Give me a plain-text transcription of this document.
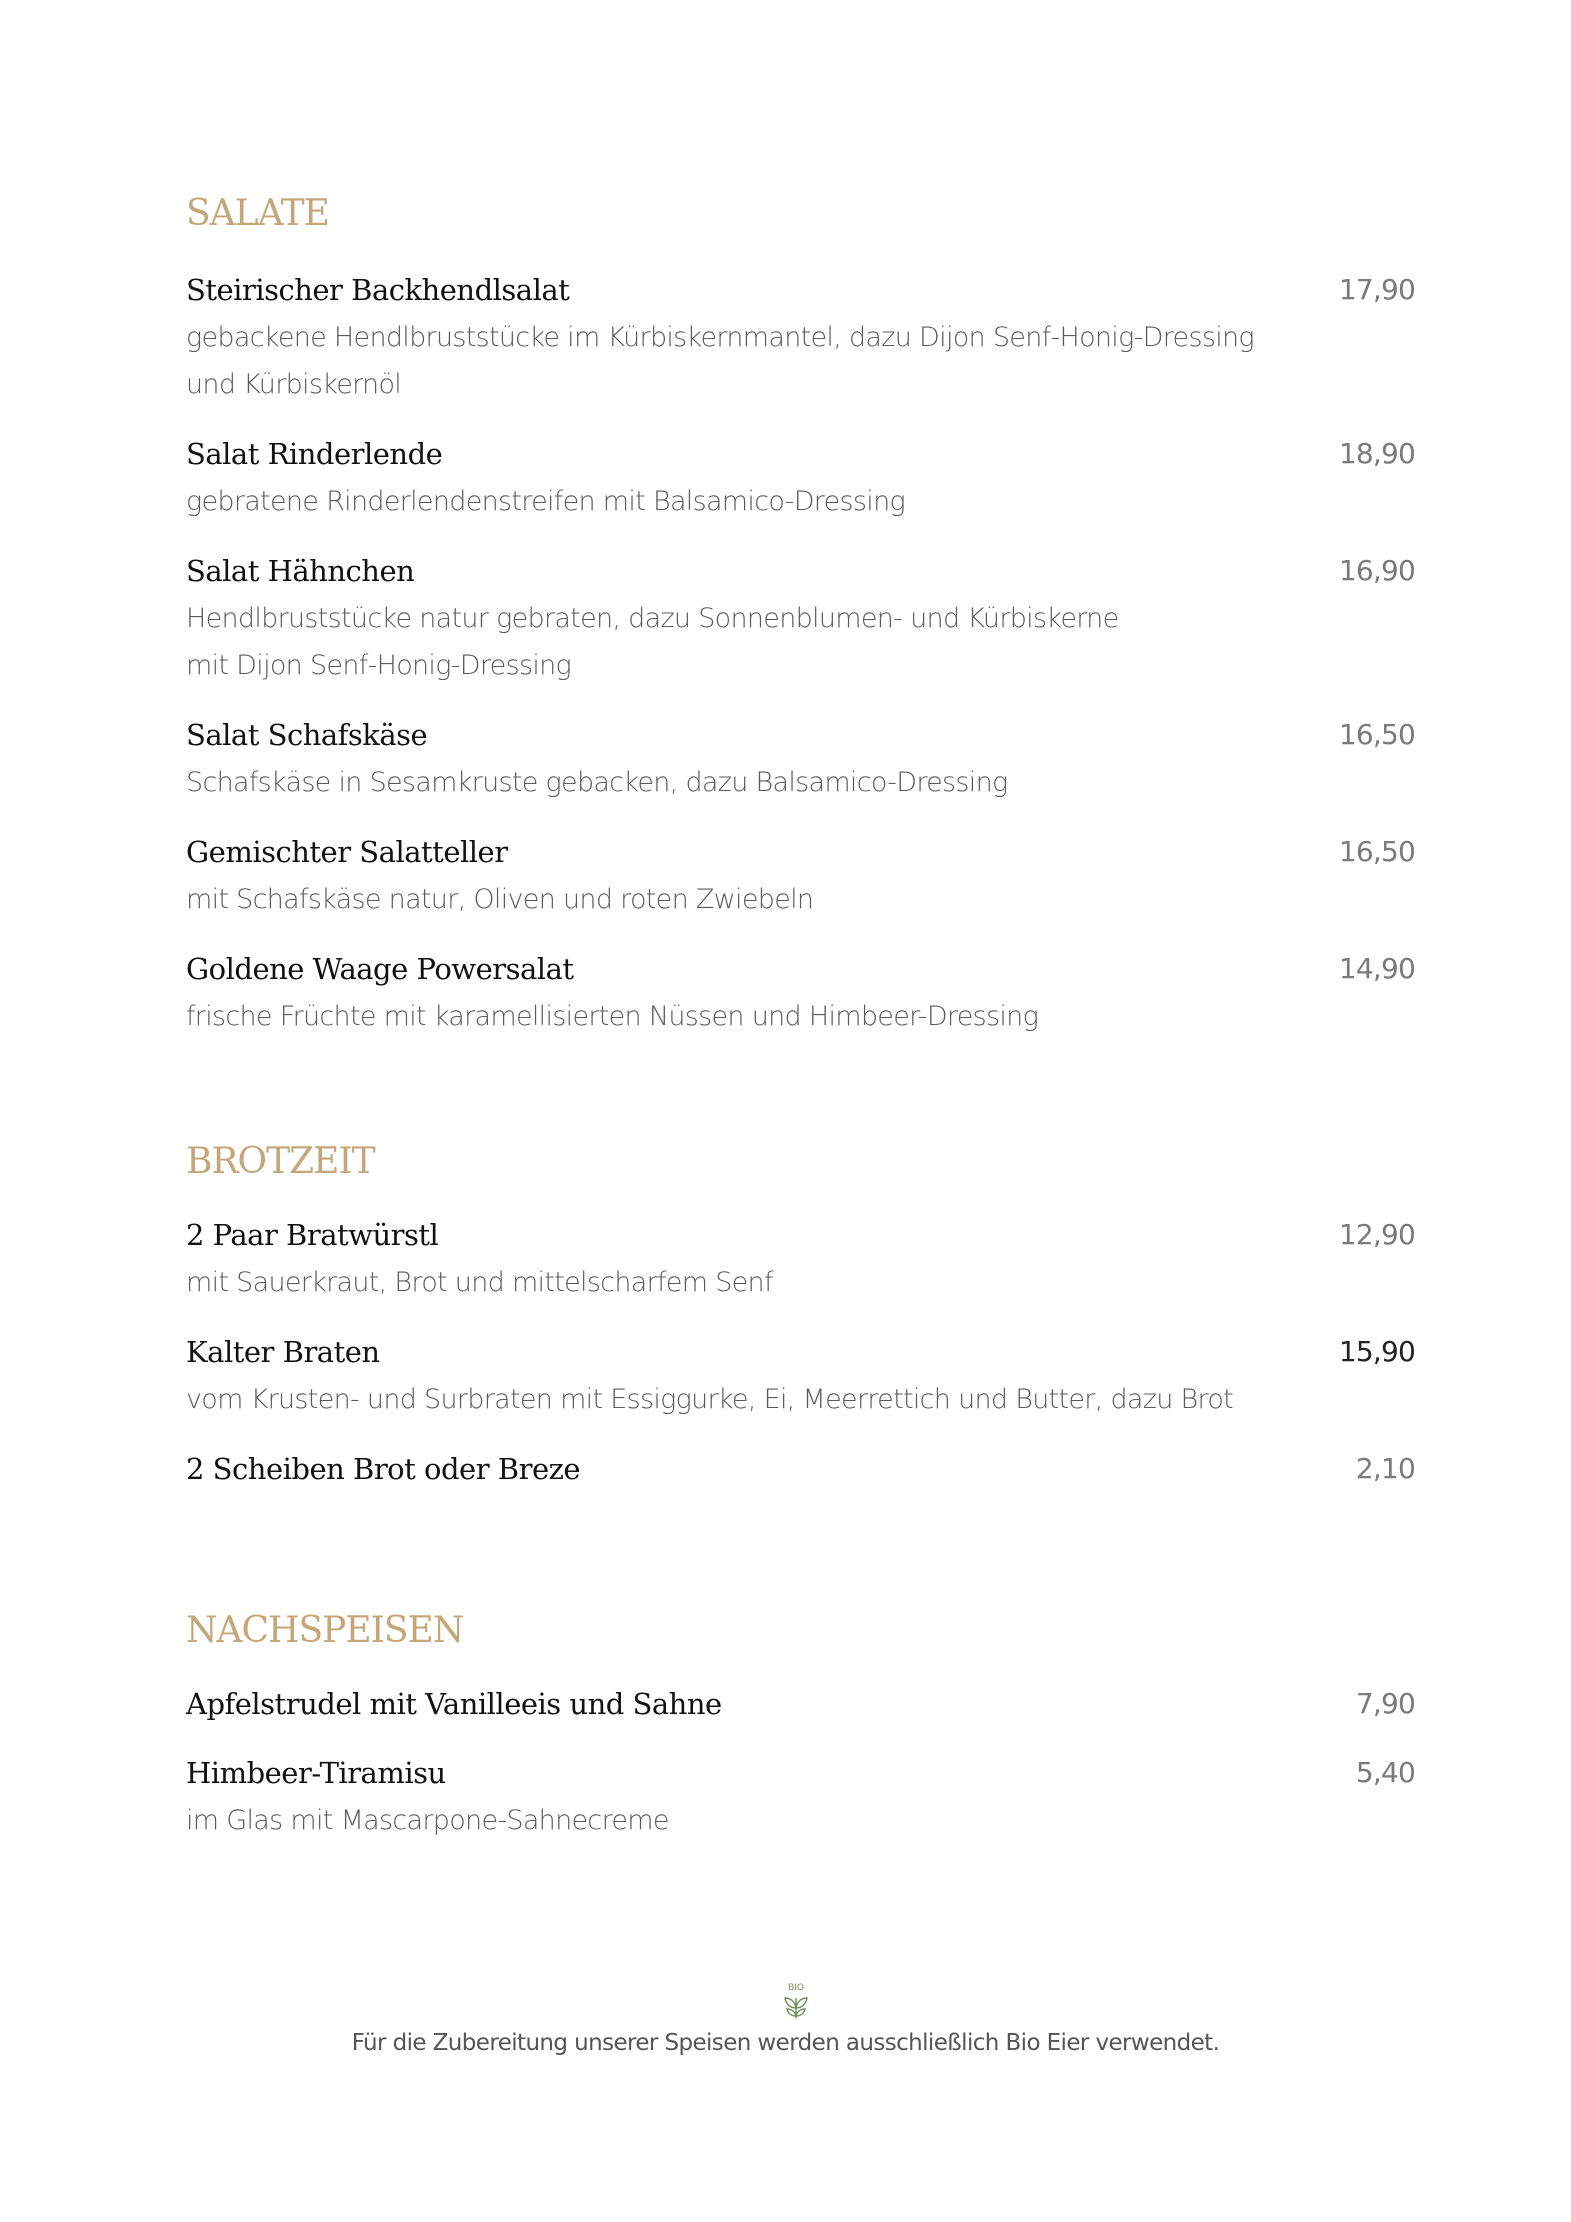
SALATE
Steirischer Backhendlsalat	17,90
gebackene Hendlbruststücke im Kürbiskernmantel, dazu Dijon Senf-Honig-Dressing
und Kürbiskernöl
Salat Rinderlende	18,90
gebratene Rinderlendenstreifen mit Balsamico-Dressing
Salat Hähnchen	16,90
Hendlbruststücke natur gebraten, dazu Sonnenblumen- und Kürbiskerne
mit Dijon Senf-Honig-Dressing
Salat Schafskäse	16,50
Schafskäse in Sesamkruste gebacken, dazu Balsamico-Dressing
Gemischter Salatteller	16,50
mit Schafskäse natur, Oliven und roten Zwiebeln
Goldene Waage Powersalat	14,90
frische Früchte mit karamellisierten Nüssen und Himbeer-Dressing
BROTZEIT
2 Paar Bratwürstl	12,90
mit Sauerkraut, Brot und mittelscharfem Senf
Kalter Braten	15,90
vom Krusten- und Surbraten mit Essiggurke, Ei, Meerrettich und Butter, dazu Brot
2 Scheiben Brot oder Breze	2,10
NACHSPEISEN
Apfelstrudel mit Vanilleeis und Sahne	7,90
Himbeer-Tiramisu	5,40
im Glas mit Mascarpone-Sahnecreme
BIO
Für die Zubereitung unserer Speisen werden ausschließlich Bio Eier verwendet.
